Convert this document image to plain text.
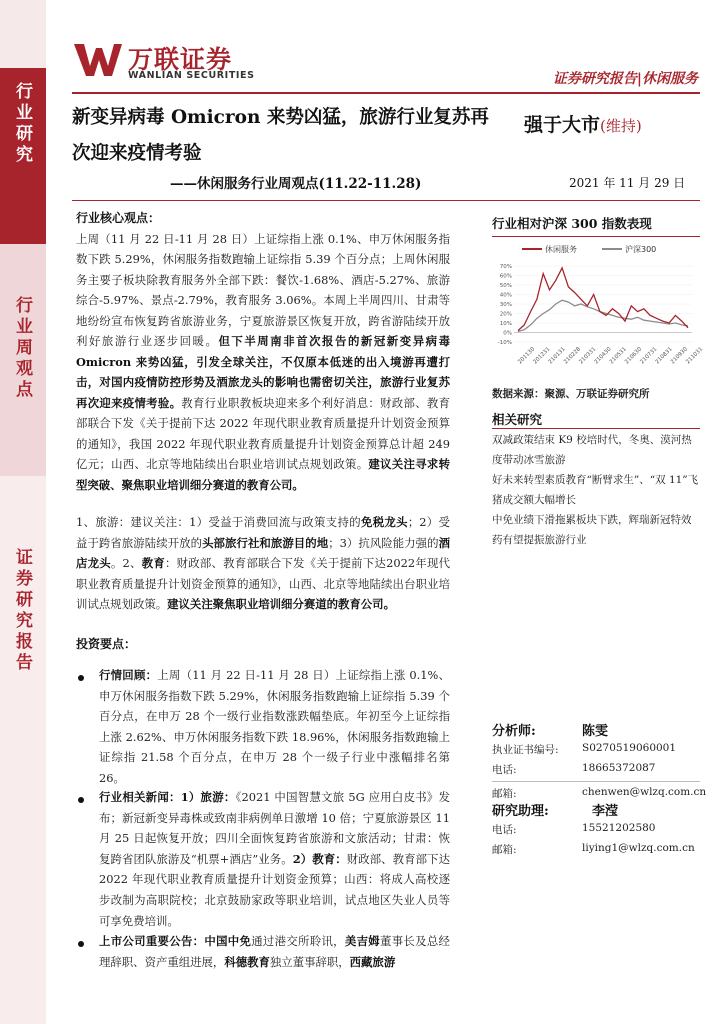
行业研究
行业周观点
证券研究报告
万联证券
WANLIAN SECURITIES	证券研究报告|休闲服务
新变异病毒 Omicron 来势凶猛，旅游行业复苏再次迎来疫情考验
——休闲服务行业周观点(11.22-11.28)
强于大市(维持)
2021 年 11 月 29 日
行业核心观点：
上周（11 月 22 日-11 月 28 日）上证综指上涨 0.1%、申万休闲服务指数下跌 5.29%，休闲服务指数跑输上证综指 5.39 个百分点；上周休闲服务主要子板块除教育服务外全部下跌：餐饮-1.68%、酒店-5.27%、旅游综合-5.97%、景点-2.79%，教育服务 3.06%。本周上半周四川、甘肃等地纷纷宣布恢复跨省旅游业务，宁夏旅游景区恢复开放，跨省游陆续开放利好旅游行业逐步回暖。但下半周南非首次报告的新冠新变异病毒 Omicron 来势凶猛，引发全球关注，不仅原本低迷的出入境游再遭打击，对国内疫情防控形势及酒旅龙头的影响也需密切关注，旅游行业复苏再次迎来疫情考验。教育行业职教板块迎来多个利好消息：财政部、教育部联合下发《关于提前下达 2022 年现代职业教育质量提升计划资金预算的通知》，我国 2022 年现代职业教育质量提升计划资金预算总计超 249 亿元；山西、北京等地陆续出台职业培训试点规划政策。建议关注寻求转型突破、聚焦职业培训细分赛道的教育公司。
1、旅游：建议关注：1）受益于消费回流与政策支持的免税龙头；2）受益于跨省旅游陆续开放的头部旅行社和旅游目的地；3）抗风险能力强的酒店龙头。2、教育：财政部、教育部联合下发《关于提前下达2022年现代职业教育质量提升计划资金预算的通知》，山西、北京等地陆续出台职业培训试点规划政策。建议关注聚焦职业培训细分赛道的教育公司。
投资要点：
行情回顾：上周（11 月 22 日-11 月 28 日）上证综指上涨 0.1%、申万休闲服务指数下跌 5.29%，休闲服务指数跑输上证综指 5.39 个百分点，在申万 28 个一级行业指数涨跌幅垫底。年初至今上证综指上涨 2.62%、申万休闲服务指数下跌 18.96%，休闲服务指数跑输上证综指 21.58 个百分点，在申万 28 个一级子行业中涨幅排名第 26。
行业相关新闻：1）旅游：《2021 中国智慧文旅 5G 应用白皮书》发布；新冠新变异毒株或致南非病例单日激增 10 倍；宁夏旅游景区 11 月 25 日起恢复开放；四川全面恢复跨省旅游和文旅活动；甘肃：恢复跨省团队旅游及“机票+酒店”业务。2）教育：财政部、教育部下达 2022 年现代职业教育质量提升计划资金预算；山西：将成人高校逐步改制为高职院校；北京鼓励家政等职业培训，试点地区失业人员等可享免费培训。
上市公司重要公告：中国中免通过港交所聆讯，美吉姆董事长及总经理辞职、资产重组进展，科德教育独立董事辞职，西藏旅游
行业相对沪深 300 指数表现
休闲服务	沪深300
70%
60%
50%
40%
30%
20%
10%
0%
-10%
201130
201231
210131
210228
210331
210430
210531
210630
210731
210831
210930
211031
数据来源：聚源、万联证券研究所
相关研究
双减政策结束 K9 校培时代，冬奥、漠河热度带动冰雪旅游
好未来转型素质教育“断臂求生”、“双 11”飞猪成交额大幅增长
中免业绩下滑拖累板块下跌，辉瑞新冠特效药有望提振旅游行业
分析师:	陈雯
执业证书编号: S0270519060001
电话:	18665372087
邮箱:	chenwen@wlzq.com.cn
研究助理:	李滢
电话:	15521202580
邮箱:	liying1@wlzq.com.cn
